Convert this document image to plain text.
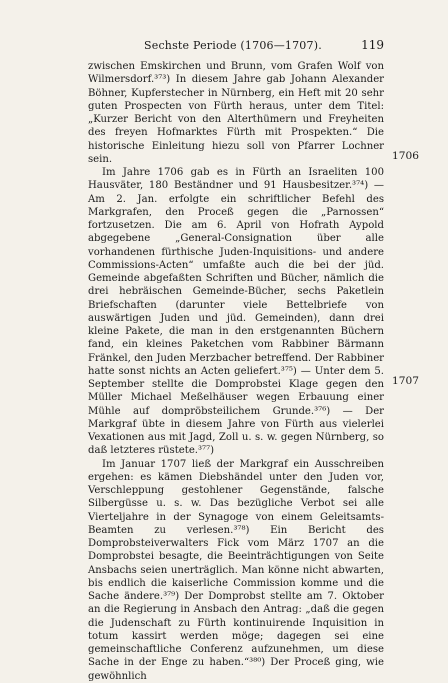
Sechste Periode (1706—1707).	119
1706
1707

zwischen Emskirchen und Brunn, vom Grafen Wolf von Wilmersdorf.³⁷³) In diesem Jahre gab Johann Alexander Böhner, Kupferstecher in Nürnberg, ein Heft mit 20 sehr guten Prospecten von Fürth heraus, unter dem Titel: „Kurzer Bericht von den Alterthümern und Freyheiten des freyen Hofmarktes Fürth mit Prospekten.“ Die historische Einleitung hiezu soll von Pfarrer Lochner sein.

Im Jahre 1706 gab es in Fürth an Israeliten 100 Hausväter, 180 Beständner und 91 Hausbesitzer.³⁷⁴) — Am 2. Jan. erfolgte ein schriftlicher Befehl des Markgrafen, den Proceß gegen die „Parnossen“ fortzusetzen. Die am 6. April von Hofrath Aypold abgegebene „General-Consignation über alle vorhandenen fürthische Juden-Inquisitions- und andere Commissions-Acten“ umfaßte auch die bei der jüd. Gemeinde abgefaßten Schriften und Bücher, nämlich die drei hebräischen Gemeinde-Bücher, sechs Paketlein Briefschaften (darunter viele Bettelbriefe von auswärtigen Juden und jüd. Gemeinden), dann drei kleine Pakete, die man in den erstgenannten Büchern fand, ein kleines Paketchen vom Rabbiner Bärmann Fränkel, den Juden Merzbacher betreffend. Der Rabbiner hatte sonst nichts an Acten geliefert.³⁷⁵) — Unter dem 5. September stellte die Domprobstei Klage gegen den Müller Michael Meßelhäuser wegen Erbauung einer Mühle auf dompröbsteilichem Grunde.³⁷⁶) — Der Markgraf übte in diesem Jahre von Fürth aus vielerlei Vexationen aus mit Jagd, Zoll u. s. w. gegen Nürnberg, so daß letzteres rüstete.³⁷⁷)

Im Januar 1707 ließ der Markgraf ein Ausschreiben ergehen: es kämen Diebshändel unter den Juden vor, Verschleppung gestohlener Gegenstände, falsche Silbergüsse u. s. w. Das bezügliche Verbot sei alle Vierteljahre in der Synagoge von einem Geleitsamts-Beamten zu verlesen.³⁷⁸) Ein Bericht des Domprobsteiverwalters Fick vom März 1707 an die Domprobstei besagte, die Beeinträchtigungen von Seite Ansbachs seien unerträglich. Man könne nicht abwarten, bis endlich die kaiserliche Commission komme und die Sache ändere.³⁷⁹) Der Domprobst stellte am 7. Oktober an die Regierung in Ansbach den Antrag: „daß die gegen die Judenschaft zu Fürth kontinuirende Inquisition in totum kassirt werden möge; dagegen sei eine gemeinschaftliche Conferenz aufzunehmen, um diese Sache in der Enge zu haben.“³⁸⁰) Der Proceß ging, wie gewöhnlich
